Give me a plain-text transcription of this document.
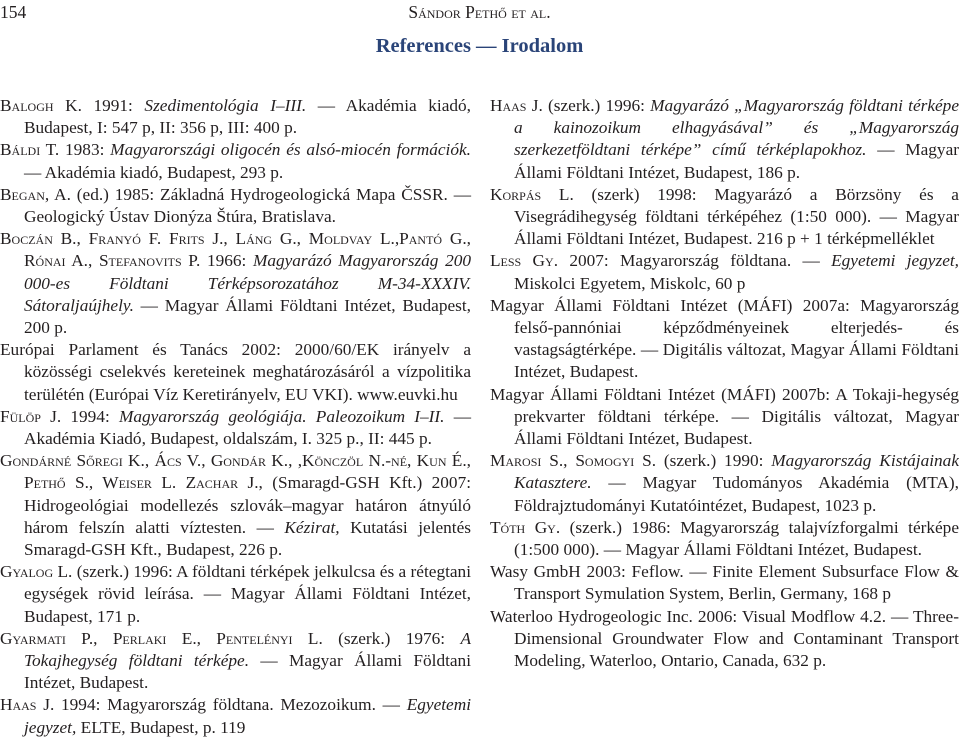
154	Sándor Pethő et al.
References — Irodalom

Balogh K. 1991: Szedimentológia I–III. — Akadémia kiadó, Budapest, I: 547 p, II: 356 p, III: 400 p.

Báldi T. 1983: Magyarországi oligocén és alsó-miocén formációk. — Akadémia kiadó, Budapest, 293 p.

Began, A. (ed.) 1985: Základná Hydrogeologická Mapa ČSSR. — Geologický Ústav Dionýza Štúra, Bratislava.

Boczán B., Franyó F. Frits J., Láng G., Moldvay L.,Pantó G., Rónai A., Stefanovits P. 1966: Magyarázó Magyarország 200 000-es Földtani Térképsorozatához M-34-XXXIV. Sátoraljaújhely. — Magyar Állami Földtani Intézet, Budapest, 200 p.

Európai Parlament és Tanács 2002: 2000/60/EK irányelv a közösségi cselekvés kereteinek meghatározásáról a vízpolitika terülétén (Európai Víz Keretirányelv, EU VKI). www.euvki.hu

Fülöp J. 1994: Magyarország geológiája. Paleozoikum I–II. — Akadémia Kiadó, Budapest, oldalszám, I. 325 p., II: 445 p.

Gondárné Sőregi K., Ács V., Gondár K., ,Könczöl N.-né, Kun É., Pethő S., Weiser L. Zachar J., (Smaragd-GSH Kft.) 2007: Hidrogeológiai modellezés szlovák–magyar határon átnyúló három felszín alatti víztesten. — Kézirat, Kutatási jelentés Smaragd-GSH Kft., Budapest, 226 p.

Gyalog L. (szerk.) 1996: A földtani térképek jelkulcsa és a rétegtani egységek rövid leírása. — Magyar Állami Földtani Intézet, Budapest, 171 p.

Gyarmati P., Perlaki E., Pentelényi L. (szerk.) 1976: A Tokajhegység földtani térképe. — Magyar Állami Földtani Intézet, Budapest.

Haas J. 1994: Magyarország földtana. Mezozoikum. — Egyetemi jegyzet, ELTE, Budapest, p. 119

Haas J. (szerk.) 1996: Magyarázó „Magyarország földtani térképe a kainozoikum elhagyásával” és „Magyarország szerkezetföldtani térképe” című térképlapokhoz. — Magyar Állami Földtani Intézet, Budapest, 186 p.

Korpás L. (szerk) 1998: Magyarázó a Börzsöny és a Visegrádihegység földtani térképéhez (1:50 000). — Magyar Állami Földtani Intézet, Budapest. 216 p + 1 térképmelléklet

Less Gy. 2007: Magyarország földtana. — Egyetemi jegyzet, Miskolci Egyetem, Miskolc, 60 p

Magyar Állami Földtani Intézet (MÁFI) 2007a: Magyarország felső-pannóniai képződményeinek elterjedés- és vastagságtérképe. — Digitális változat, Magyar Állami Földtani Intézet, Budapest.

Magyar Állami Földtani Intézet (MÁFI) 2007b: A Tokaji-hegység prekvarter földtani térképe. — Digitális változat, Magyar Állami Földtani Intézet, Budapest.

Marosi S., Somogyi S. (szerk.) 1990: Magyarország Kistájainak Katasztere. — Magyar Tudományos Akadémia (MTA), Földrajztudományi Kutatóintézet, Budapest, 1023 p.

Tóth Gy. (szerk.) 1986: Magyarország talajvízforgalmi térképe (1:500 000). — Magyar Állami Földtani Intézet, Budapest.

Wasy GmbH 2003: Feflow. — Finite Element Subsurface Flow & Transport Symulation System, Berlin, Germany, 168 p

Waterloo Hydrogeologic Inc. 2006: Visual Modflow 4.2. — Three-Dimensional Groundwater Flow and Contaminant Transport Modeling, Waterloo, Ontario, Canada, 632 p.
